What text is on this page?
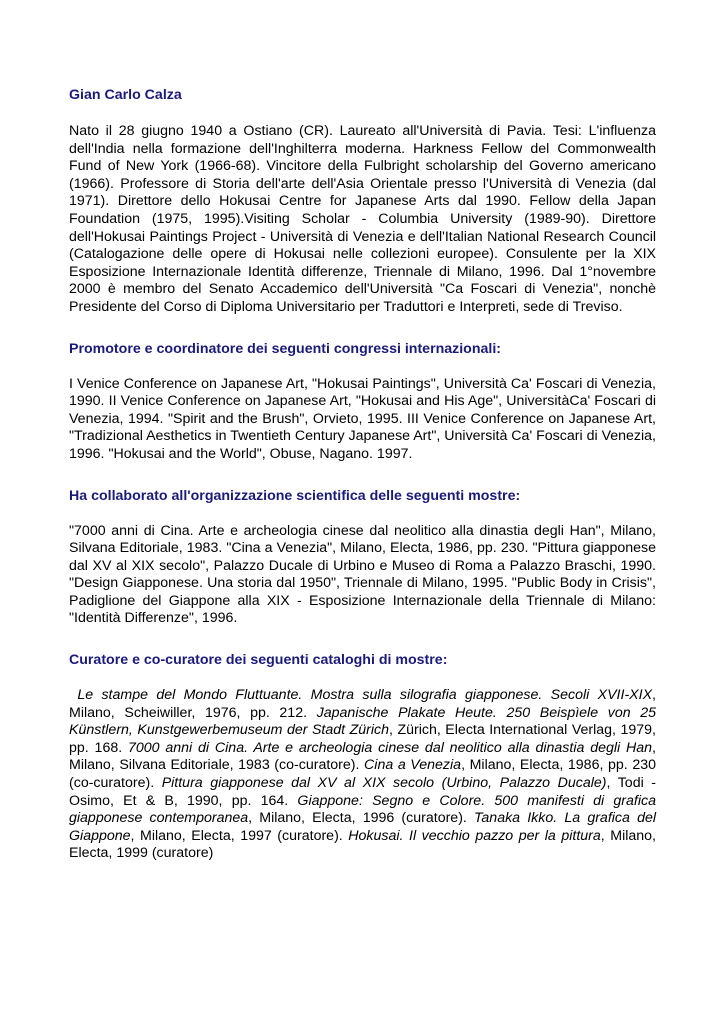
Gian Carlo Calza

Nato il 28 giugno 1940 a Ostiano (CR). Laureato all'Università di Pavia. Tesi: L'influenza dell'India nella formazione dell'Inghilterra moderna. Harkness Fellow del Commonwealth Fund of New York (1966-68). Vincitore della Fulbright scholarship del Governo americano (1966). Professore di Storia dell'arte dell'Asia Orientale presso l'Università di Venezia (dal 1971). Direttore dello Hokusai Centre for Japanese Arts dal 1990. Fellow della Japan Foundation (1975, 1995).Visiting Scholar - Columbia University (1989-90). Direttore dell'Hokusai Paintings Project - Università di Venezia e dell'Italian National Research Council (Catalogazione delle opere di Hokusai nelle collezioni europee). Consulente per la XIX Esposizione Internazionale Identità differenze, Triennale di Milano, 1996. Dal 1°novembre 2000 è membro del Senato Accademico dell'Università "Ca Foscari di Venezia", nonchè Presidente del Corso di Diploma Universitario per Traduttori e Interpreti, sede di Treviso.

Promotore e coordinatore dei seguenti congressi internazionali:

I Venice Conference on Japanese Art, "Hokusai Paintings", Università Ca' Foscari di Venezia, 1990. II Venice Conference on Japanese Art, "Hokusai and His Age", UniversitàCa' Foscari di Venezia, 1994. "Spirit and the Brush", Orvieto, 1995. III Venice Conference on Japanese Art, "Tradizional Aesthetics in Twentieth Century Japanese Art", Università Ca' Foscari di Venezia, 1996. "Hokusai and the World", Obuse, Nagano. 1997.

Ha collaborato all'organizzazione scientifica delle seguenti mostre:

"7000 anni di Cina. Arte e archeologia cinese dal neolitico alla dinastia degli Han", Milano, Silvana Editoriale, 1983. "Cina a Venezia", Milano, Electa, 1986, pp. 230. "Pittura giapponese dal XV al XIX secolo", Palazzo Ducale di Urbino e Museo di Roma a Palazzo Braschi, 1990. "Design Giapponese. Una storia dal 1950", Triennale di Milano, 1995. "Public Body in Crisis", Padiglione del Giappone alla XIX - Esposizione Internazionale della Triennale di Milano: "Identità Differenze", 1996.

Curatore e co-curatore dei seguenti cataloghi di mostre:

Le stampe del Mondo Fluttuante. Mostra sulla silografia giapponese. Secoli XVII-XIX, Milano, Scheiwiller, 1976, pp. 212. Japanische Plakate Heute. 250 Beispìele von 25 Künstlern, Kunstgewerbemuseum der Stadt Zürich, Zürich, Electa International Verlag, 1979, pp. 168. 7000 anni di Cina. Arte e archeologia cinese dal neolitico alla dinastia degli Han, Milano, Silvana Editoriale, 1983 (co-curatore). Cina a Venezia, Milano, Electa, 1986, pp. 230 (co-curatore). Pittura giapponese dal XV al XIX secolo (Urbino, Palazzo Ducale), Todi - Osimo, Et & B, 1990, pp. 164. Giappone: Segno e Colore. 500 manifesti di grafica giapponese contemporanea, Milano, Electa, 1996 (curatore). Tanaka Ikko. La grafica del Giappone, Milano, Electa, 1997 (curatore). Hokusai. Il vecchio pazzo per la pittura, Milano, Electa, 1999 (curatore)
